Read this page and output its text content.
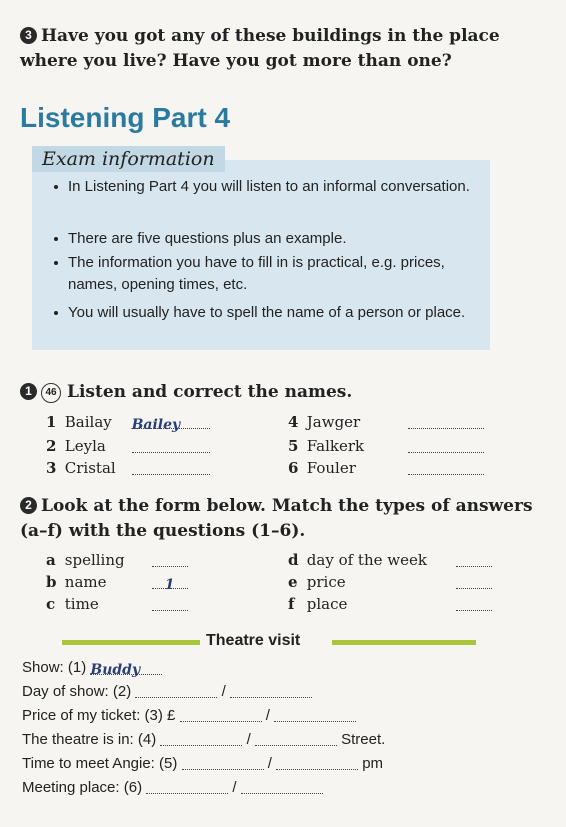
3 Have you got any of these buildings in the place where you live? Have you got more than one?
Listening Part 4
Exam information
In Listening Part 4 you will listen to an informal conversation.
There are five questions plus an example.
The information you have to fill in is practical, e.g. prices, names, opening times, etc.
You will usually have to spell the name of a person or place.
1 46 Listen and correct the names.
1 Bailay Bailey
2 Leyla
3 Cristal
4 Jawger
5 Falkerk
6 Fouler
2 Look at the form below. Match the types of answers (a–f) with the questions (1–6).
a spelling
b name	1
c time
d day of the week
e price
f place
Theatre visit
Show: (1) Buddy
Day of show: (2)	/
Price of my ticket: (3) £	/
The theatre is in: (4)	/	Street.
Time to meet Angie: (5)	/	pm
Meeting place: (6)	/
